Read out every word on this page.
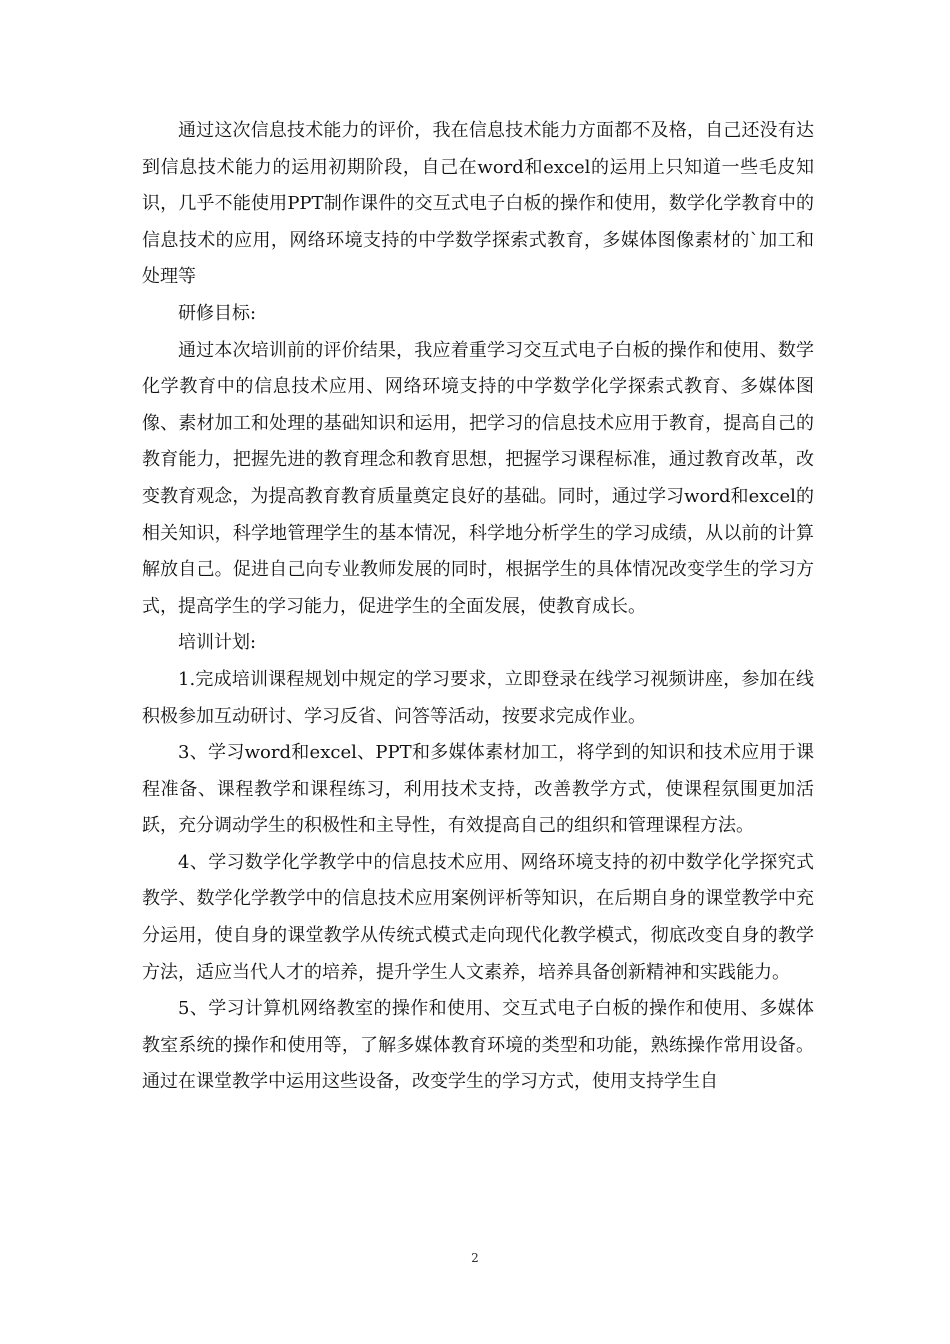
通过这次信息技术能力的评价，我在信息技术能力方面都不及格，自己还没有达到信息技术能力的运用初期阶段，自己在word和excel的运用上只知道一些毛皮知识，几乎不能使用PPT制作课件的交互式电子白板的操作和使用，数学化学教育中的信息技术的应用，网络环境支持的中学数学探索式教育，多媒体图像素材的`加工和处理等

研修目标:

通过本次培训前的评价结果，我应着重学习交互式电子白板的操作和使用、数学化学教育中的信息技术应用、网络环境支持的中学数学化学探索式教育、多媒体图像、素材加工和处理的基础知识和运用，把学习的信息技术应用于教育，提高自己的教育能力，把握先进的教育理念和教育思想，把握学习课程标准，通过教育改革，改变教育观念，为提高教育教育质量奠定良好的基础。同时，通过学习word和excel的相关知识，科学地管理学生的基本情况，科学地分析学生的学习成绩，从以前的计算解放自己。促进自己向专业教师发展的同时，根据学生的具体情况改变学生的学习方式，提高学生的学习能力，促进学生的全面发展，使教育成长。

培训计划:

1.完成培训课程规划中规定的学习要求，立即登录在线学习视频讲座，参加在线积极参加互动研讨、学习反省、问答等活动，按要求完成作业。

3、学习word和excel、PPT和多媒体素材加工，将学到的知识和技术应用于课程准备、课程教学和课程练习，利用技术支持，改善教学方式，使课程氛围更加活跃，充分调动学生的积极性和主导性，有效提高自己的组织和管理课程方法。

4、学习数学化学教学中的信息技术应用、网络环境支持的初中数学化学探究式教学、数学化学教学中的信息技术应用案例评析等知识，在后期自身的课堂教学中充分运用，使自身的课堂教学从传统式模式走向现代化教学模式，彻底改变自身的教学方法，适应当代人才的培养，提升学生人文素养，培养具备创新精神和实践能力。

5、学习计算机网络教室的操作和使用、交互式电子白板的操作和使用、多媒体教室系统的操作和使用等，了解多媒体教育环境的类型和功能，熟练操作常用设备。通过在课堂教学中运用这些设备，改变学生的学习方式，使用支持学生自

2
